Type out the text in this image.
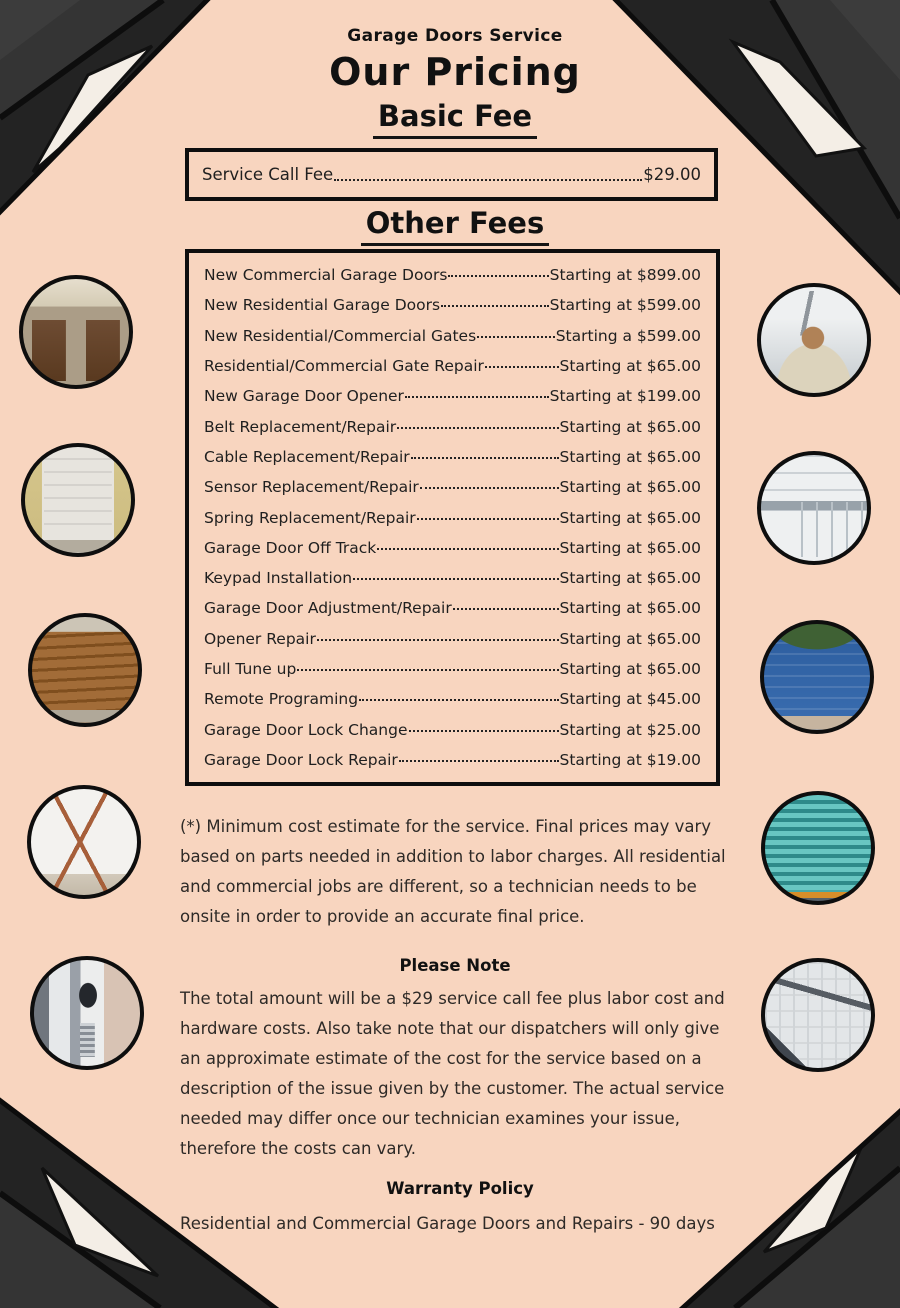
Garage Doors Service
Our Pricing
Basic Fee
Service Call Fee	$29.00
Other Fees
New Commercial Garage Doors	Starting at $899.00
New Residential Garage Doors	Starting at $599.00
New Residential/Commercial Gates	Starting a $599.00
Residential/Commercial Gate Repair	Starting at $65.00
New Garage Door Opener	Starting at $199.00
Belt Replacement/Repair	Starting at $65.00
Cable Replacement/Repair	Starting at $65.00
Sensor Replacement/Repair	Starting at $65.00
Spring Replacement/Repair	Starting at $65.00
Garage Door Off Track	Starting at $65.00
Keypad Installation	Starting at $65.00
Garage Door Adjustment/Repair	Starting at $65.00
Opener Repair	Starting at $65.00
Full Tune up	Starting at $65.00
Remote Programing	Starting at $45.00
Garage Door Lock Change	Starting at $25.00
Garage Door Lock Repair	Starting at $19.00
(*) Minimum cost estimate for the service. Final prices may vary based on parts needed in addition to labor charges. All residential and commercial jobs are different, so a technician needs to be onsite in order to provide an accurate final price.
Please Note
The total amount will be a $29 service call fee plus labor cost and hardware costs. Also take note that our dispatchers will only give an approximate estimate of the cost for the service based on a description of the issue given by the customer. The actual service needed may differ once our technician examines your issue, therefore the costs can vary.
Warranty Policy
Residential and Commercial Garage Doors and Repairs - 90 days
